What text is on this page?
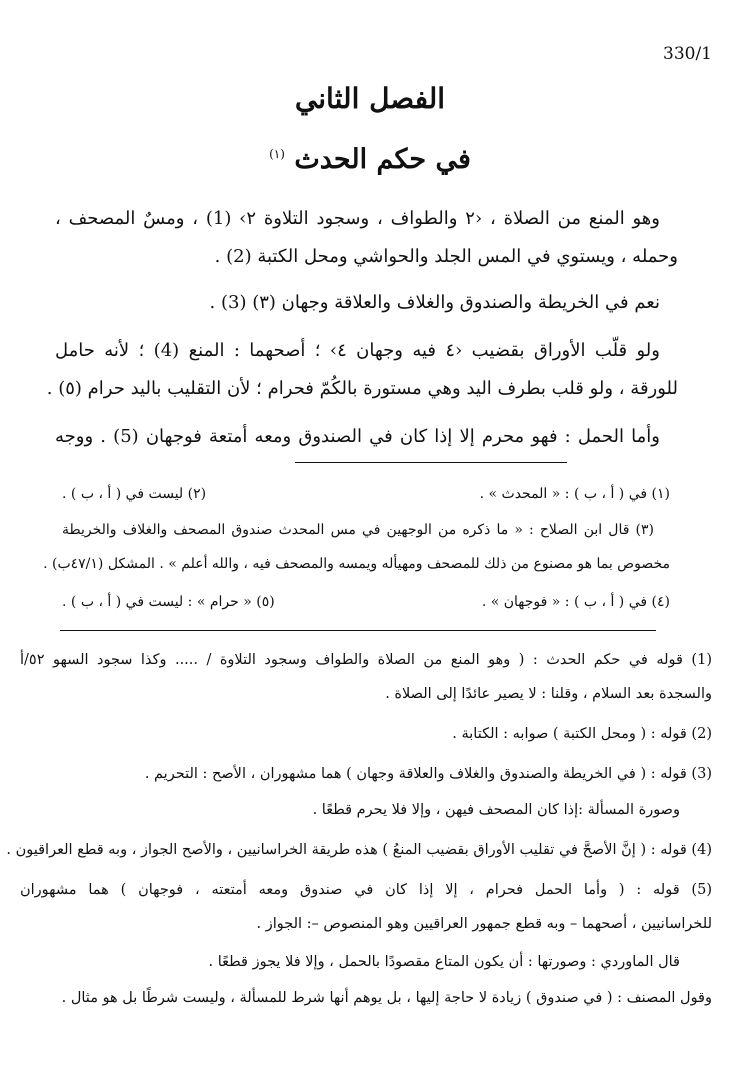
330/1
الفصل الثاني
في حكم الحدث $^{(١)}$
وهو المنع من الصلاة ، ‹٢ والطواف ، وسجود التلاوة ٢› (1) ، ومسٌ المصحف ،
وحمله ، ويستوي في المس الجلد والحواشي ومحل الكتبة (2) .
نعم في الخريطة والصندوق والغلاف والعلاقة وجهان (٣) (3) .
ولو قلّب الأوراق بقضيب ‹٤ فيه وجهان ٤› ؛ أصحهما : المنع (4) ؛ لأنه حامل
للورقة ، ولو قلب بطرف اليد وهي مستورة بالكُمّ فحرام ؛ لأن التقليب باليد حرام (٥) .
وأما الحمل : فهو محرم إلا إذا كان في الصندوق ومعه أمتعة فوجهان (5) . ووجه
(١) في ( أ ، ب ) : « المحدث » .
(٢) ليست في ( أ ، ب ) .
(٣) قال ابن الصلاح : « ما ذكره من الوجهين في مس المحدث صندوق المصحف والغلاف والخريطة
مخصوص بما هو مصنوع من ذلك للمصحف ومهيأله ويمسه والمصحف فيه ، والله أعلم » . المشكل (٤٧/١ب) .
(٤) في ( أ ، ب ) : « فوجهان » .
(٥) « حرام » : ليست في ( أ ، ب ) .
(1) قوله في حكم الحدث : ( وهو المنع من الصلاة والطواف وسجود التلاوة / ..... وكذا سجود السهو ٥٢/أ
والسجدة بعد السلام ، وقلنا : لا يصير عائدًا إلى الصلاة .
(2) قوله : ( ومحل الكتبة ) صوابه : الكتابة .
(3) قوله : ( في الخريطة والصندوق والغلاف والعلاقة وجهان ) هما مشهوران ، الأصح : التحريم .
وصورة المسألة :إذا كان المصحف فيهن ، وإلا فلا يحرم قطعًا .
(4) قوله : ( إنَّ الأصحَّ في تقليب الأوراق بقضيب المنعُ ) هذه طريقة الخراسانيين ، والأصح الجواز ، وبه قطع العراقيون .
(5) قوله : ( وأما الحمل فحرام ، إلا إذا كان في صندوق ومعه أمتعته ، فوجهان ) هما مشهوران
للخراسانيين ، أصحهما – وبه قطع جمهور العراقيين وهو المنصوص –: الجواز .
قال الماوردي : وصورتها : أن يكون المتاع مقصودًا بالحمل ، وإلا فلا يجوز قطعًا .
وقول المصنف : ( في صندوق ) زيادة لا حاجة إليها ، بل يوهم أنها شرط للمسألة ، وليست شرطًا بل هو مثال .
